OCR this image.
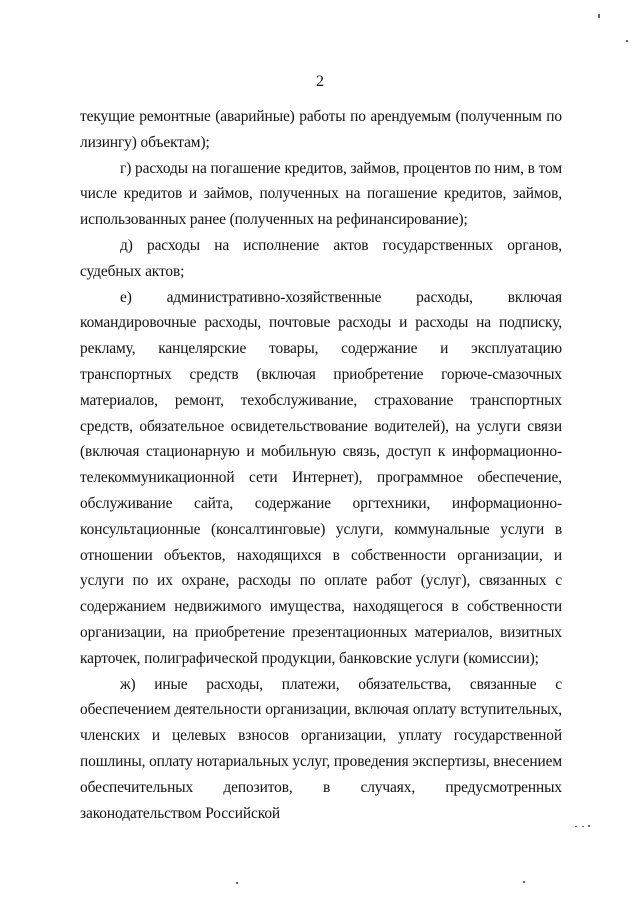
2

текущие ремонтные (аварийные) работы по арендуемым (полученным по лизингу) объектам);

г) расходы на погашение кредитов, займов, процентов по ним, в том числе кредитов и займов, полученных на погашение кредитов, займов, использованных ранее (полученных на рефинансирование);

д) расходы на исполнение актов государственных органов, судебных актов;

е) административно-хозяйственные расходы, включая командировочные расходы, почтовые расходы и расходы на подписку, рекламу, канцелярские товары, содержание и эксплуатацию транспортных средств (включая приобретение горюче-смазочных материалов, ремонт, техобслуживание, страхование транспортных средств, обязательное освидетельствование водителей), на услуги связи (включая стационарную и мобильную связь, доступ к информационно-телекоммуникационной сети Интернет), программное обеспечение, обслуживание сайта, содержание оргтехники, информационно-консультационные (консалтинговые) услуги, коммунальные услуги в отношении объектов, находящихся в собственности организации, и услуги по их охране, расходы по оплате работ (услуг), связанных с содержанием недвижимого имущества, находящегося в собственности организации, на приобретение презентационных материалов, визитных карточек, полиграфической продукции, банковские услуги (комиссии);

ж) иные расходы, платежи, обязательства, связанные с обеспечением деятельности организации, включая оплату вступительных, членских и целевых взносов организации, уплату государственной пошлины, оплату нотариальных услуг, проведения экспертизы, внесением обеспечительных депозитов, в случаях, предусмотренных законодательством Российской
